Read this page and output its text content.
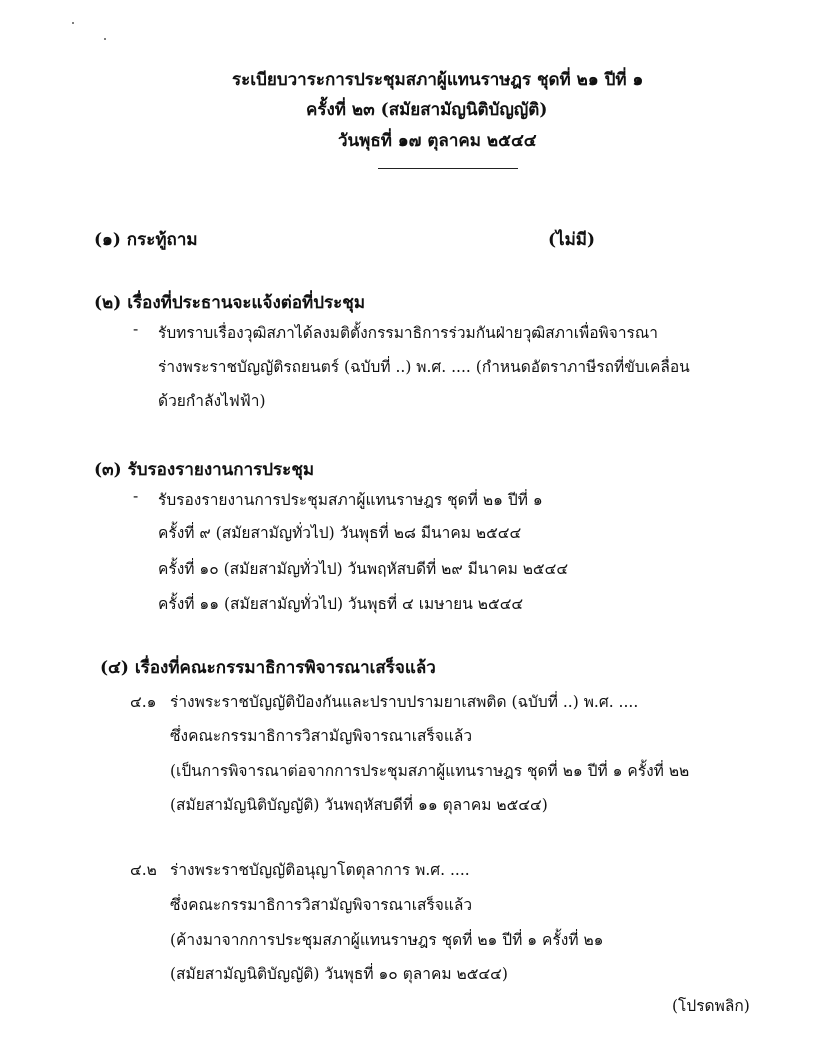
ระเบียบวาระการประชุมสภาผู้แทนราษฎร ชุดที่ ๒๑ ปีที่ ๑
ครั้งที่ ๒๓ (สมัยสามัญนิติบัญญัติ)
วันพุธที่ ๑๗ ตุลาคม ๒๕๔๔
(๑) กระทู้ถาม	(ไม่มี)
(๒) เรื่องที่ประธานจะแจ้งต่อที่ประชุม
- รับทราบเรื่องวุฒิสภาได้ลงมติตั้งกรรมาธิการร่วมกันฝ่ายวุฒิสภาเพื่อพิจารณา
ร่างพระราชบัญญัติรถยนตร์ (ฉบับที่ ..) พ.ศ. .... (กำหนดอัตราภาษีรถที่ขับเคลื่อน
ด้วยกำลังไฟฟ้า)
(๓) รับรองรายงานการประชุม
- รับรองรายงานการประชุมสภาผู้แทนราษฎร ชุดที่ ๒๑ ปีที่ ๑
ครั้งที่ ๙ (สมัยสามัญทั่วไป) วันพุธที่ ๒๘ มีนาคม ๒๕๔๔
ครั้งที่ ๑๐ (สมัยสามัญทั่วไป) วันพฤหัสบดีที่ ๒๙ มีนาคม ๒๕๔๔
ครั้งที่ ๑๑ (สมัยสามัญทั่วไป) วันพุธที่ ๔ เมษายน ๒๕๔๔
(๔) เรื่องที่คณะกรรมาธิการพิจารณาเสร็จแล้ว
๔.๑ ร่างพระราชบัญญัติป้องกันและปราบปรามยาเสพติด (ฉบับที่ ..) พ.ศ. ....
ซึ่งคณะกรรมาธิการวิสามัญพิจารณาเสร็จแล้ว
(เป็นการพิจารณาต่อจากการประชุมสภาผู้แทนราษฎร ชุดที่ ๒๑ ปีที่ ๑ ครั้งที่ ๒๒
(สมัยสามัญนิติบัญญัติ) วันพฤหัสบดีที่ ๑๑ ตุลาคม ๒๕๔๔)
๔.๒ ร่างพระราชบัญญัติอนุญาโตตุลาการ พ.ศ. ....
ซึ่งคณะกรรมาธิการวิสามัญพิจารณาเสร็จแล้ว
(ค้างมาจากการประชุมสภาผู้แทนราษฎร ชุดที่ ๒๑ ปีที่ ๑ ครั้งที่ ๒๑
(สมัยสามัญนิติบัญญัติ) วันพุธที่ ๑๐ ตุลาคม ๒๕๔๔)
(โปรดพลิก)
